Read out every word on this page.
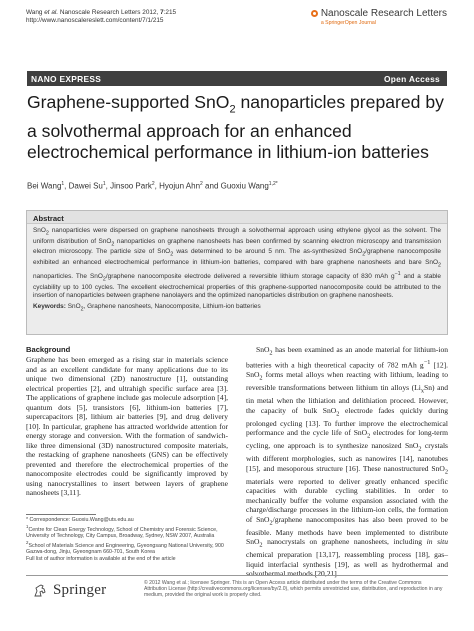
Wang et al. Nanoscale Research Letters 2012, 7:215
http://www.nanoscalereslett.com/content/7/1/215
Nanoscale Research Letters
a SpringerOpen Journal
NANO EXPRESS	Open Access
Graphene-supported SnO$_2$ nanoparticles prepared by a solvothermal approach for an enhanced electrochemical performance in lithium-ion batteries
Bei Wang$^1$, Dawei Su$^1$, Jinsoo Park$^2$, Hyojun Ahn$^2$ and Guoxiu Wang$^{1,2*}$
Abstract
SnO$_2$ nanoparticles were dispersed on graphene nanosheets through a solvothermal approach using ethylene glycol as the solvent. The uniform distribution of SnO$_2$ nanoparticles on graphene nanosheets has been confirmed by scanning electron microscopy and transmission electron microscopy. The particle size of SnO$_2$ was determined to be around 5 nm. The as-synthesized SnO$_2$/graphene nanocomposite exhibited an enhanced electrochemical performance in lithium-ion batteries, compared with bare graphene nanosheets and bare SnO$_2$ nanoparticles. The SnO$_2$/graphene nanocomposite electrode delivered a reversible lithium storage capacity of 830 mAh $g^{-1}$ and a stable cyclability up to 100 cycles. The excellent electrochemical properties of this graphene-supported nanocomposite could be attributed to the insertion of nanoparticles between graphene nanolayers and the optimized nanoparticles distribution on graphene nanosheets.
Keywords: SnO$_2$, Graphene nanosheets, Nanocomposite, Lithium-ion batteries
Background
Graphene has been emerged as a rising star in materials science and as an excellent candidate for many applications due to its unique two dimensional (2D) nanostructure [1], outstanding electrical properties [2], and ultrahigh specific surface area [3]. The applications of graphene include gas molecule adsorption [4], quantum dots [5], transistors [6], lithium-ion batteries [7], supercapacitors [8], lithium air batteries [9], and drug delivery [10]. In particular, graphene has attracted worldwide attention for energy storage and conversion. With the formation of sandwich-like three dimensional (3D) nanostructured composite materials, the restacking of graphene nanosheets (GNS) can be effectively prevented and therefore the electrochemical properties of the nanocomposite electrodes could be significantly improved by using nanocrystallines to insert between layers of graphene nanosheets [3,11].

* Correspondence: Guoxiu.Wang@uts.edu.au

$^1$Centre for Clean Energy Technology, School of Chemistry and Forensic Science, University of Technology, City Campus, Broadway, Sydney, NSW 2007, Australia

$^2$School of Materials Science and Engineering, Gyeongsang National University, 900 Gazwa-dong, Jinju, Gyeongnam 660-701, South Korea

Full list of author information is available at the end of the article

SnO$_2$ has been examined as an anode material for lithium-ion batteries with a high theoretical capacity of 782 mAh $g^{-1}$ [12]. SnO$_2$ forms metal alloys when reacting with lithium, leading to reversible transformations between lithium tin alloys $(Li_xSn)$ and tin metal when the lithiation and delithiation proceed. However, the capacity of bulk SnO$_2$ electrode fades quickly during prolonged cycling [13]. To further improve the electrochemical performance and the cycle life of SnO$_2$ electrodes for long-term cycling, one approach is to synthesize nanosized SnO$_2$ crystals with different morphologies, such as nanowires [14], nanotubes [15], and mesoporous structure [16]. These nanostructured SnO$_2$ materials were reported to deliver greatly enhanced specific capacities with durable cycling stabilities. In order to mechanically buffer the volume expansion associated with the charge/discharge processes in the lithium-ion cells, the formation of SnO$_2$/graphene nanocomposites has also been proved to be feasible. Many methods have been implemented to distribute SnO$_2$ nanocrystals on graphene nanosheets, including in situ chemical preparation [13,17], reassembling process [18], gas–liquid interfacial synthesis [19], as well as hydrothermal and solvothermal methods [20,21].
Springer	© 2012 Wang et al.; licensee Springer. This is an Open Access article distributed under the terms of the Creative Commons Attribution License (http://creativecommons.org/licenses/by/2.0), which permits unrestricted use, distribution, and reproduction in any medium, provided the original work is properly cited.
